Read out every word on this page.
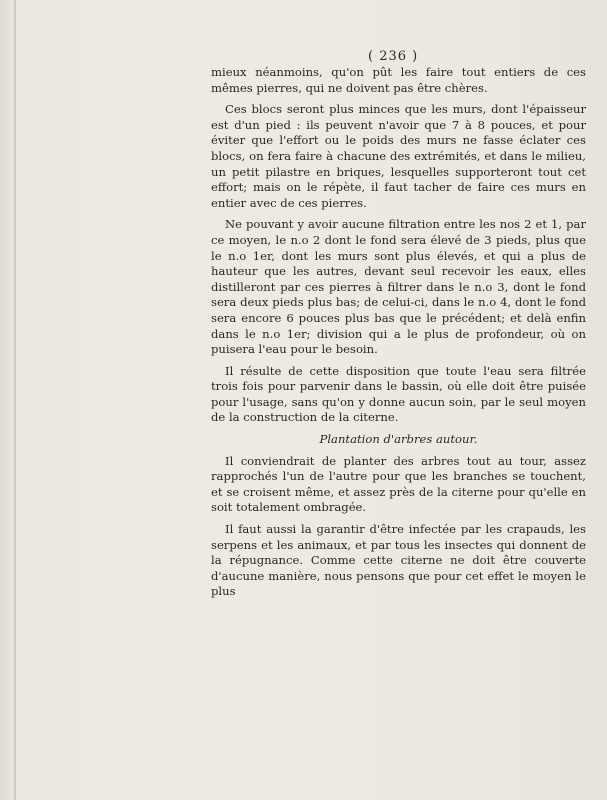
( 236 )

mieux néanmoins, qu'on pût les faire tout entiers de ces mêmes pierres, qui ne doivent pas être chères.

Ces blocs seront plus minces que les murs, dont l'épaisseur est d'un pied : ils peuvent n'avoir que 7 à 8 pouces, et pour éviter que l'effort ou le poids des murs ne fasse éclater ces blocs, on fera faire à chacune des extrémités, et dans le milieu, un petit pilastre en briques, lesquelles supporteront tout cet effort; mais on le répète, il faut tacher de faire ces murs en entier avec de ces pierres.

Ne pouvant y avoir aucune filtration entre les nos 2 et 1, par ce moyen, le n.o 2 dont le fond sera élevé de 3 pieds, plus que le n.o 1er, dont les murs sont plus élevés, et qui a plus de hauteur que les autres, devant seul recevoir les eaux, elles distilleront par ces pierres à filtrer dans le n.o 3, dont le fond sera deux pieds plus bas; de celui-ci, dans le n.o 4, dont le fond sera encore 6 pouces plus bas que le précédent; et delà enfin dans le n.o 1er; division qui a le plus de profondeur, où on puisera l'eau pour le besoin.

Il résulte de cette disposition que toute l'eau sera filtrée trois fois pour parvenir dans le bassin, où elle doit être puisée pour l'usage, sans qu'on y donne aucun soin, par le seul moyen de la construction de la citerne.

Plantation d'arbres autour.

Il conviendrait de planter des arbres tout au tour, assez rapprochés l'un de l'autre pour que les branches se touchent, et se croisent même, et assez près de la citerne pour qu'elle en soit totalement ombragée.

Il faut aussi la garantir d'être infectée par les crapauds, les serpens et les animaux, et par tous les insectes qui donnent de la répugnance. Comme cette citerne ne doit être couverte d'aucune manière, nous pensons que pour cet effet le moyen le plus
